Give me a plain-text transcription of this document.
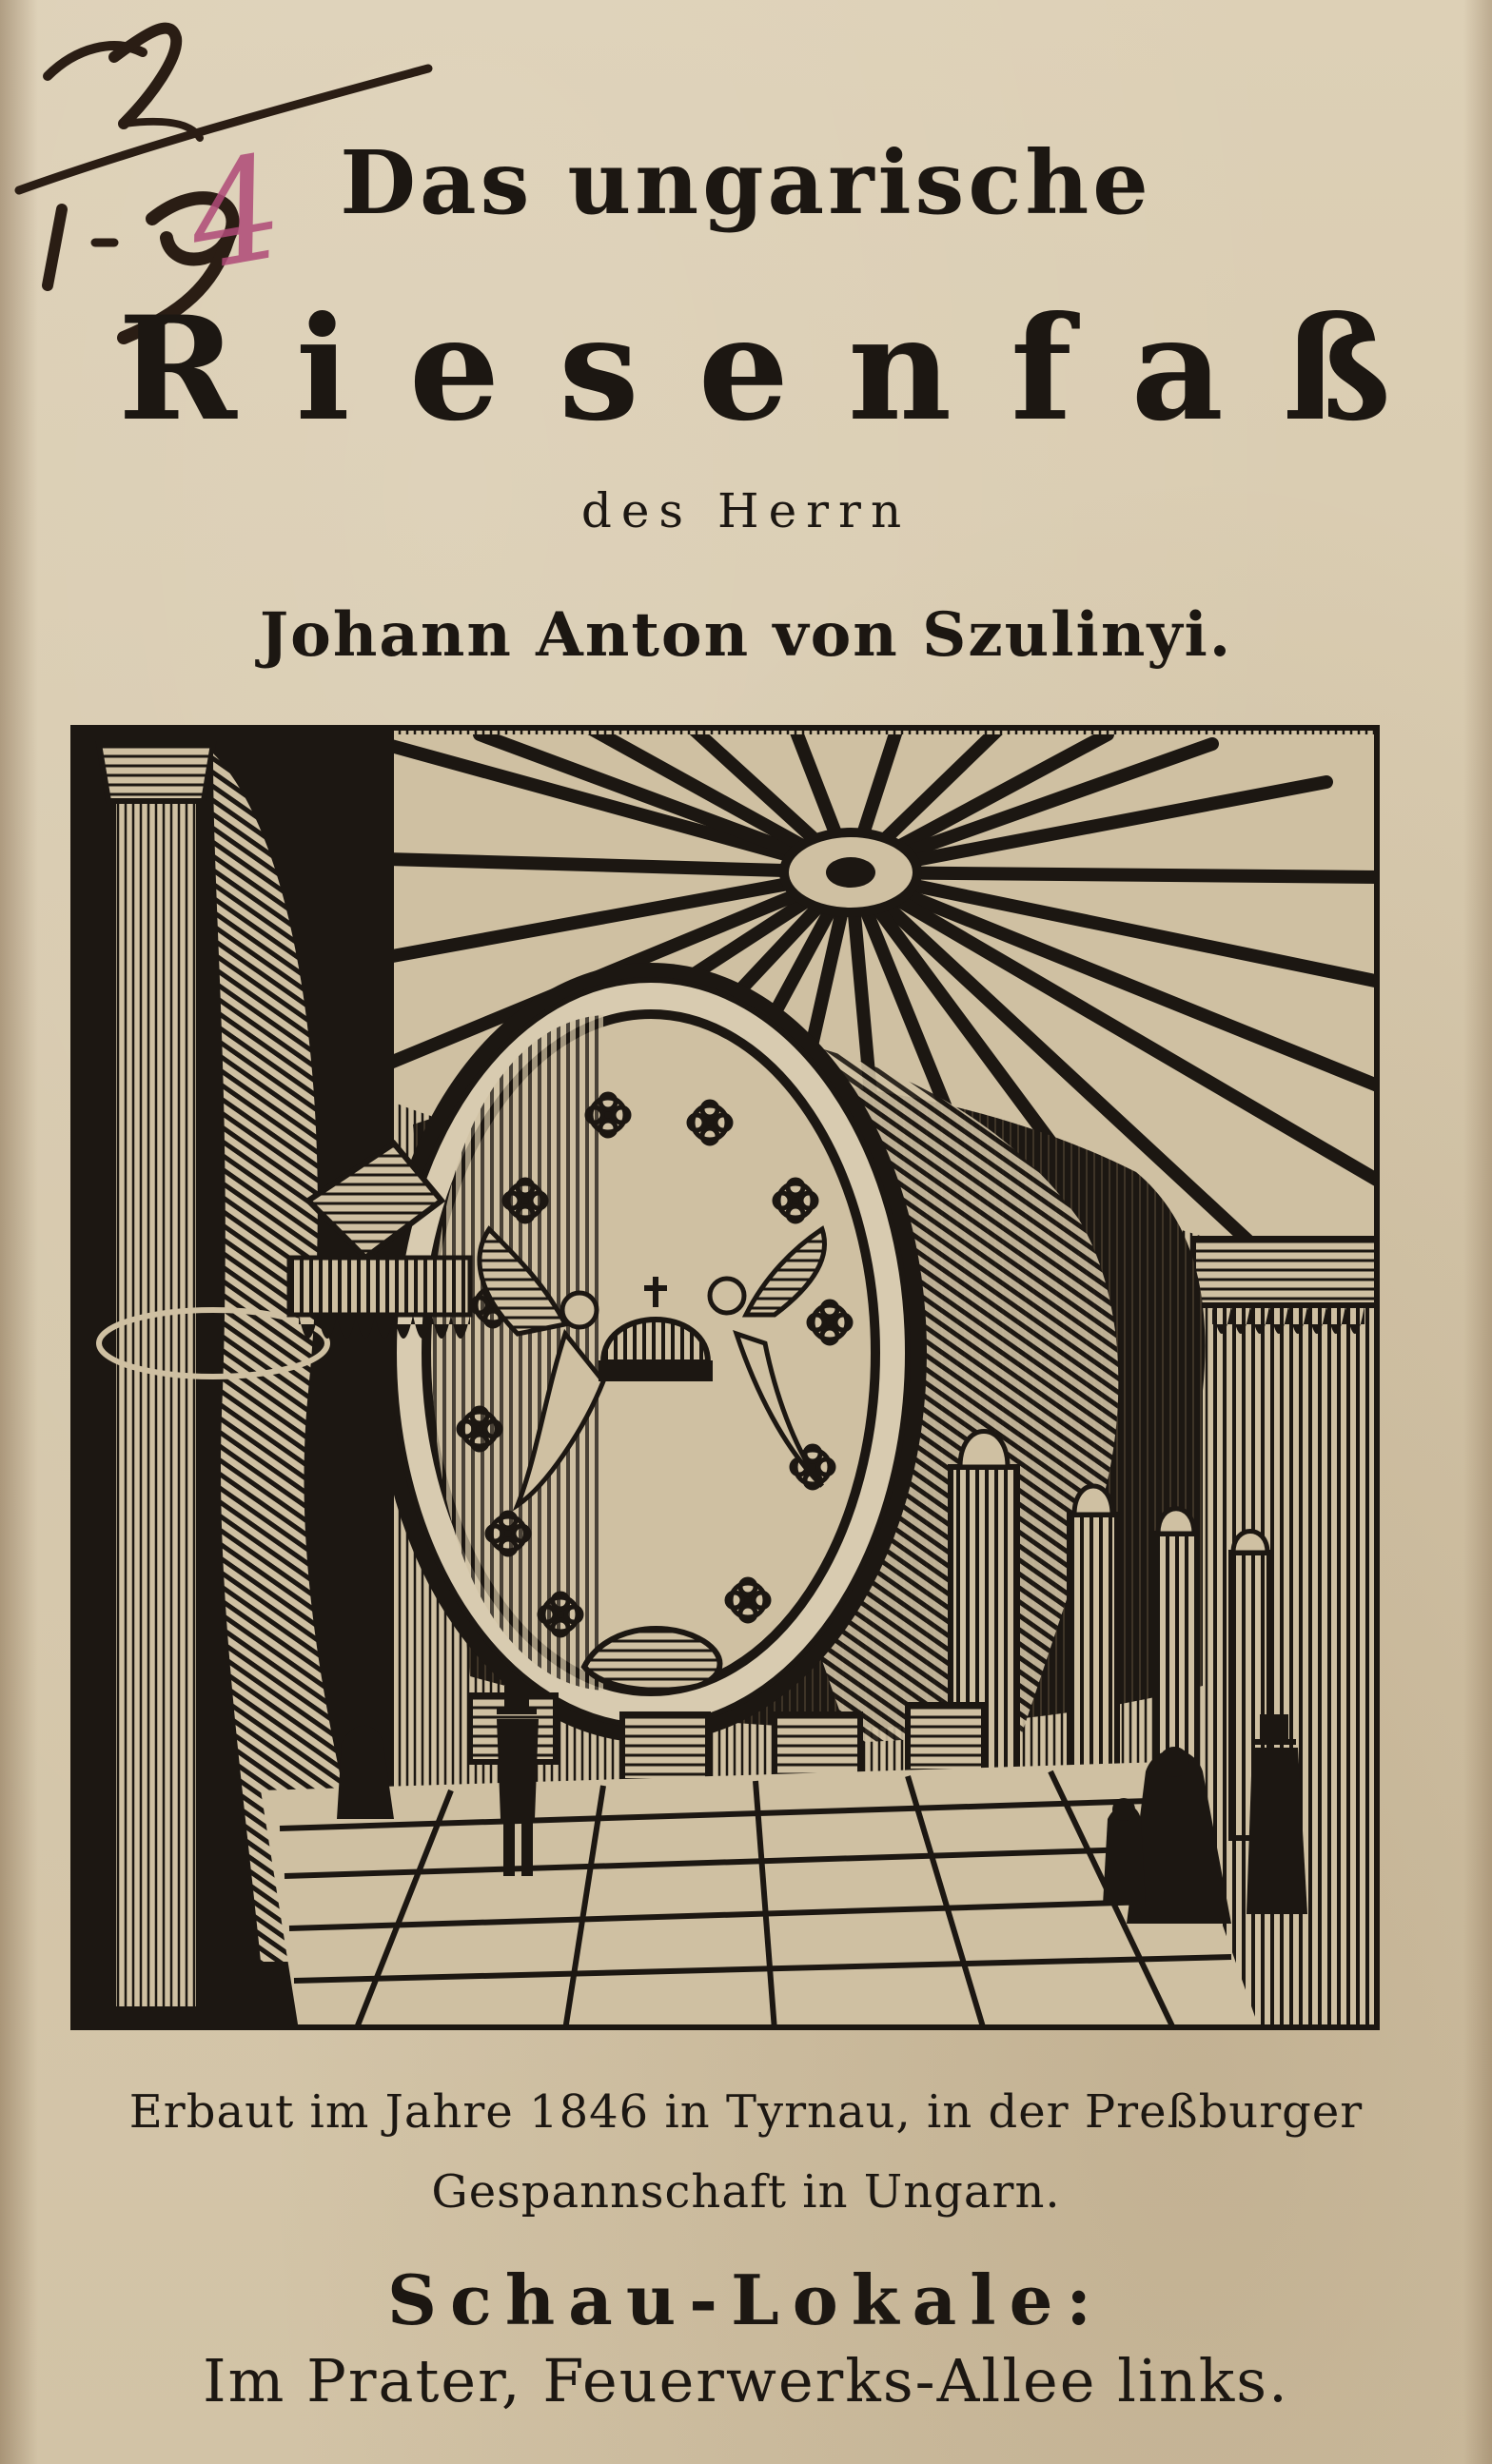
4 Das ungarische
Riesenfaß
des Herrn
Johann Anton von Szulinyi.
Erbaut im Jahre 1846 in Tyrnau, in der Preßburger
Gespannschaft in Ungarn.
Schau-Lokale:
Im Prater, Feuerwerks-Allee links.
